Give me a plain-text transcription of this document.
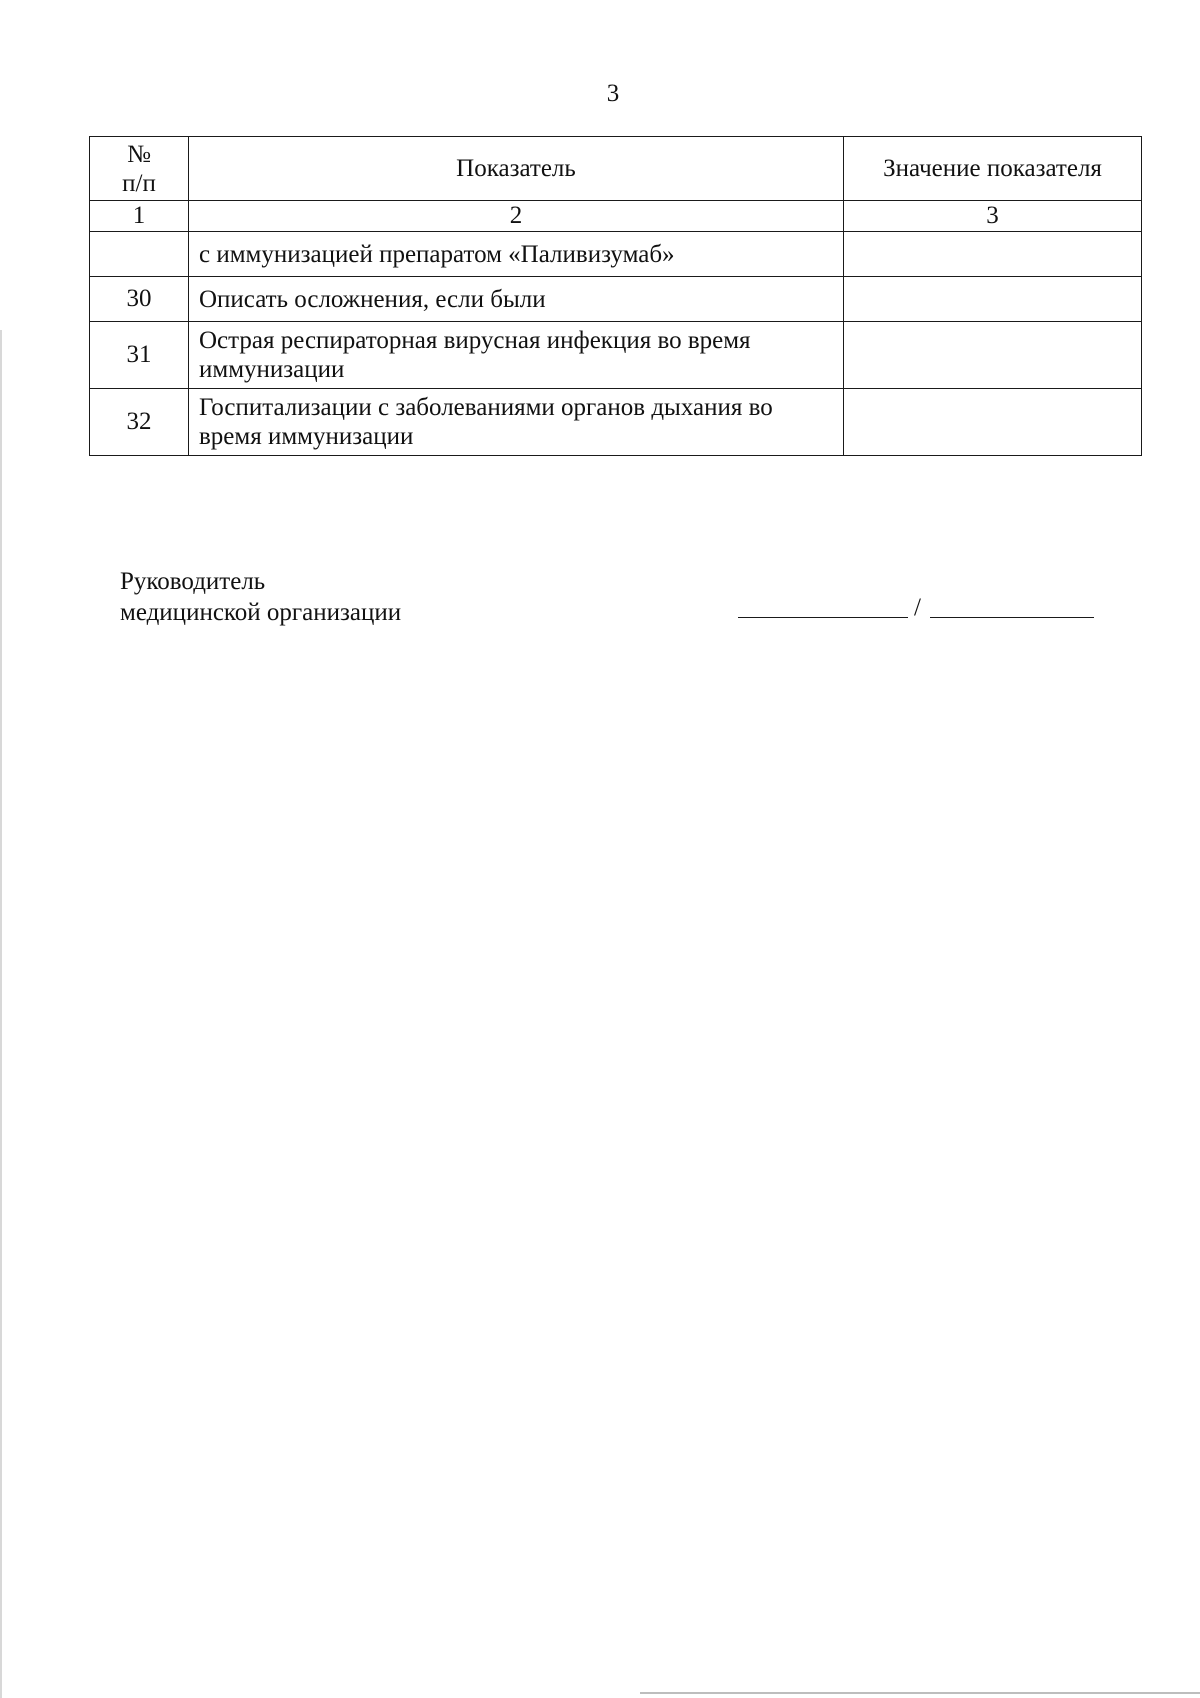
3
№
п/п	Показатель	Значение показателя
1	2	3
	с иммунизацией препаратом «Паливизумаб»	
30	Описать осложнения, если были	
31	Острая респираторная вирусная инфекция во время иммунизации	
32	Госпитализации с заболеваниями органов дыхания во время иммунизации	
Руководитель
медицинской организации	/
